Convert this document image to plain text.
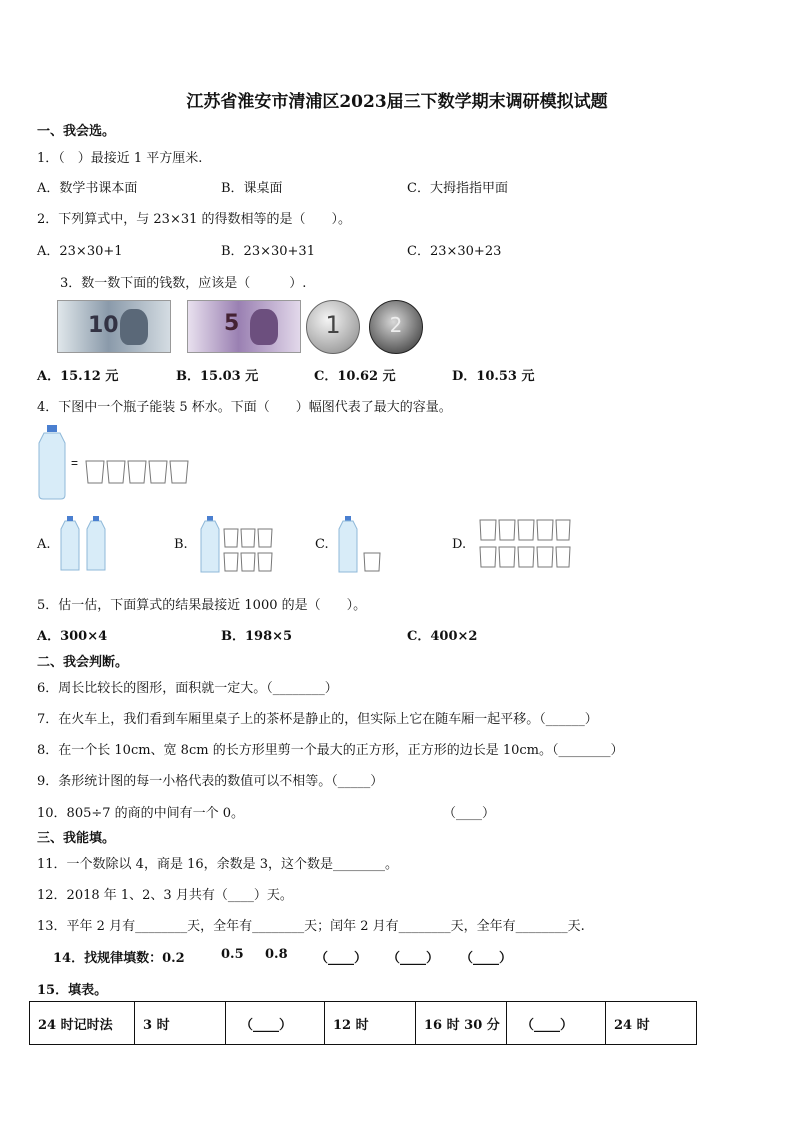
江苏省淮安市清浦区2023届三下数学期末调研模拟试题
一、我会选。
1．（　）最接近 1 平方厘米.
A．数学书课本面	B．课桌面	C．大拇指指甲面
2．下列算式中，与 23×31 的得数相等的是（　　）。
A．23×30+1	B．23×30+31	C．23×30+23
3．数一数下面的钱数，应该是（　　　）.
10	5	1	2
A．15.12 元	B．15.03 元	C．10.62 元	D．10.53 元
4．下图中一个瓶子能装 5 杯水。下面（　　）幅图代表了最大的容量。
=
A.	B.	C.	D.
5．估一估，下面算式的结果最接近 1000 的是（　　）。
A．300×4	B．198×5	C．400×2
二、我会判断。
6．周长比较长的图形，面积就一定大。（________）
7．在火车上，我们看到车厢里桌子上的茶杯是静止的，但实际上它在随车厢一起平移。（______）
8．在一个长 10cm、宽 8cm 的长方形里剪一个最大的正方形，正方形的边长是 10cm。（________）
9．条形统计图的每一小格代表的数值可以不相等。（_____）
10．805÷7 的商的中间有一个 0。	（____）
三、我能填。
11．一个数除以 4，商是 16，余数是 3，这个数是________。
12．2018 年 1、2、3 月共有（____）天。
13．平年 2 月有________天，全年有________天；闰年 2 月有________天，全年有________天.
14．找规律填数：0.2	0.5 0.8 （____） （____） （____）
15．填表。
24 时记时法	3 时	（____）	12 时	16 时 30 分	（____）	24 时
